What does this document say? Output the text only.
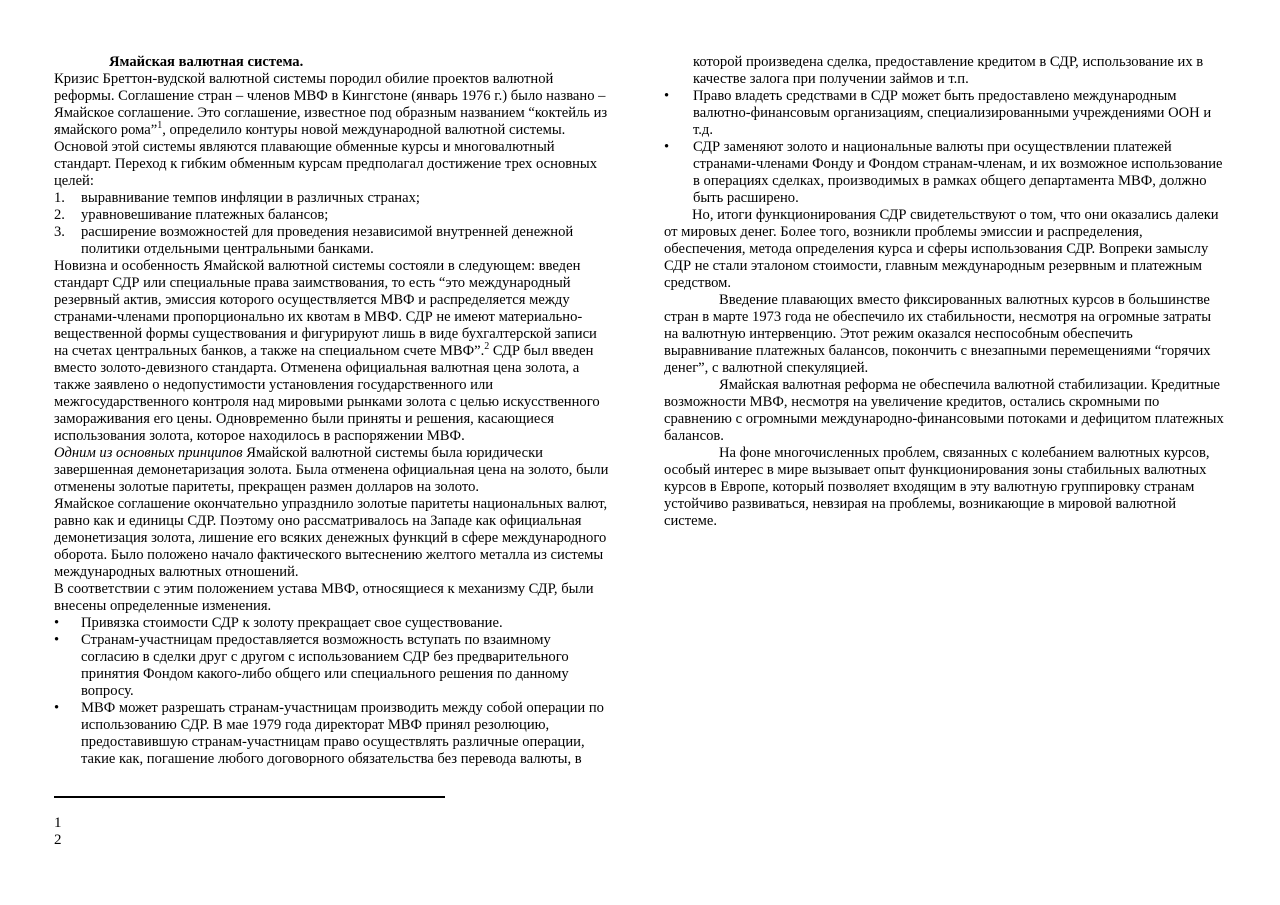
Ямайская валютная система.

Кризис Бреттон-вудской валютной системы породил обилие проектов валютной реформы. Соглашение стран – членов МВФ в Кингстоне (январь 1976 г.) было названо – Ямайское соглашение. Это соглашение, известное под образным названием “коктейль из ямайского рома”$^1$, определило контуры новой международной валютной системы.

Основой этой системы являются плавающие обменные курсы и многовалютный стандарт. Переход к гибким обменным курсам предполагал достижение трех основных целей:

1. выравнивание темпов инфляции в различных странах;
2. уравновешивание платежных балансов;
3. расширение возможностей для проведения независимой внутренней денежной политики отдельными центральными банками.

Новизна и особенность Ямайской валютной системы состояли в следующем: введен стандарт СДР или специальные права заимствования, то есть “это международный резервный актив, эмиссия которого осуществляется МВФ и распределяется между странами-членами пропорционально их квотам в МВФ. СДР не имеют материально-вещественной формы существования и фигурируют лишь в виде бухгалтерской записи на счетах центральных банков, а также на специальном счете МВФ”.$^2$ СДР был введен вместо золото-девизного стандарта. Отменена официальная валютная цена золота, а также заявлено о недопустимости установления государственного или межгосударственного контроля над мировыми рынками золота с целью искусственного замораживания его цены. Одновременно были приняты и решения, касающиеся использования золота, которое находилось в распоряжении МВФ.

Одним из основных принципов Ямайской валютной системы была юридически завершенная демонетаризация золота. Была отменена официальная цена на золото, были отменены золотые паритеты, прекращен размен долларов на золото.

Ямайское соглашение окончательно упразднило золотые паритеты национальных валют, равно как и единицы СДР. Поэтому оно рассматривалось на Западе как официальная демонетизация золота, лишение его всяких денежных функций в сфере международного оборота. Было положено начало фактического вытеснению желтого металла из системы международных валютных отношений.

В соответствии с этим положением устава МВФ, относящиеся к механизму СДР, были внесены определенные изменения.

• Привязка стоимости СДР к золоту прекращает свое существование.
• Странам-участницам предоставляется возможность вступать по взаимному согласию в сделки друг с другом с использованием СДР без предварительного принятия Фондом какого-либо общего или специального решения по данному вопросу.
• МВФ может разрешать странам-участницам производить между собой операции по использованию СДР. В мае 1979 года директорат МВФ принял резолюцию, предоставившую странам-участницам право осуществлять различные операции, такие как, погашение любого договорного обязательства без перевода валюты, в
1
2

которой произведена сделка, предоставление кредитом в СДР, использование их в качестве залога при получении займов и т.п.

• Право владеть средствами в СДР может быть предоставлено международным валютно-финансовым организациям, специализированными учреждениями ООН и т.д.
• СДР заменяют золото и национальные валюты при осуществлении платежей странами-членами Фонду и Фондом странам-членам, и их возможное использование в операциях сделках, производимых в рамках общего департамента МВФ, должно быть расширено.

Но, итоги функционирования СДР свидетельствуют о том, что они оказались далеки от мировых денег. Более того, возникли проблемы эмиссии и распределения, обеспечения, метода определения курса и сферы использования СДР. Вопреки замыслу СДР не стали эталоном стоимости, главным международным резервным и платежным средством.

Введение плавающих вместо фиксированных валютных курсов в большинстве стран в марте 1973 года не обеспечило их стабильности, несмотря на огромные затраты на валютную интервенцию. Этот режим оказался неспособным обеспечить выравнивание платежных балансов, покончить с внезапными перемещениями “горячих денег”, с валютной спекуляцией.

Ямайская валютная реформа не обеспечила валютной стабилизации. Кредитные возможности МВФ, несмотря на увеличение кредитов, остались скромными по сравнению с огромными международно-финансовыми потоками и дефицитом платежных балансов.

На фоне многочисленных проблем, связанных с колебанием валютных курсов, особый интерес в мире вызывает опыт функционирования зоны стабильных валютных курсов в Европе, который позволяет входящим в эту валютную группировку странам устойчиво развиваться, невзирая на проблемы, возникающие в мировой валютной системе.
